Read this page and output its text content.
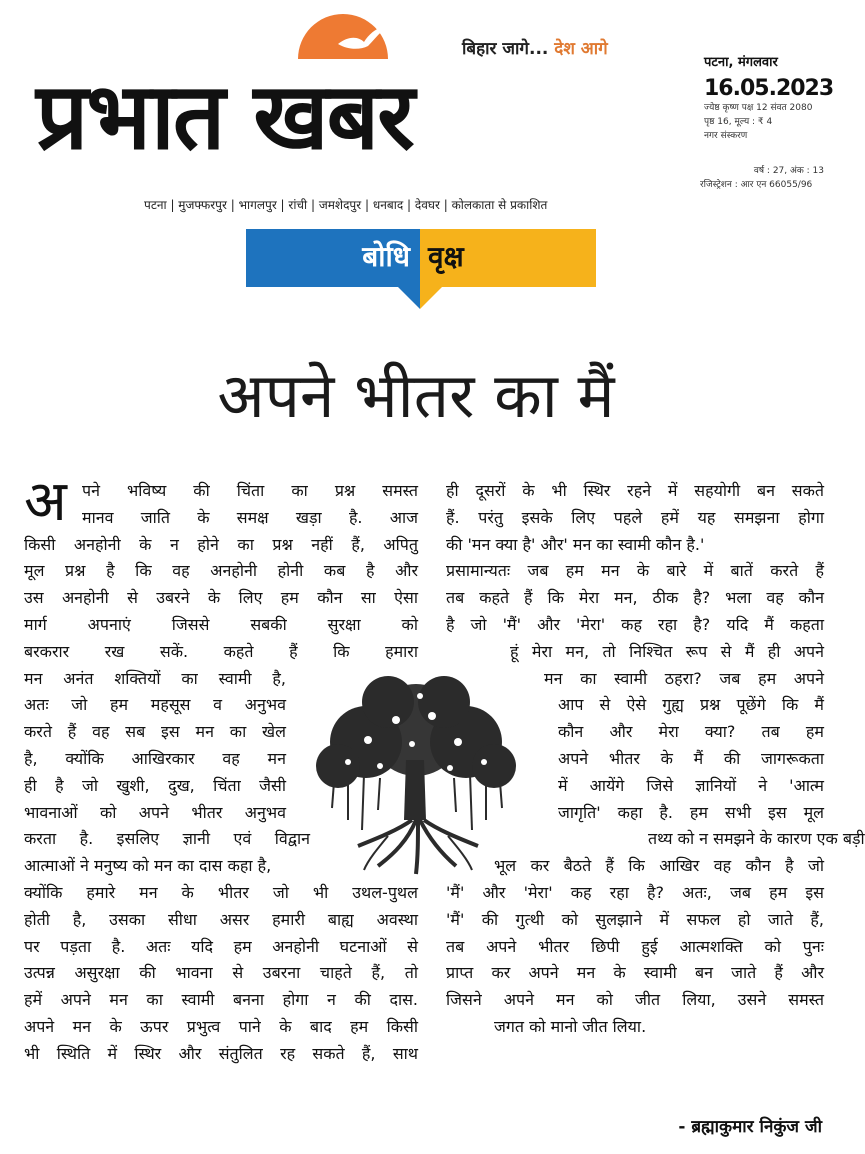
बिहार जागे... देश आगे
प्रभात खबर
पटना | मुजफ्फरपुर | भागलपुर | रांची | जमशेदपुर | धनबाद | देवघर | कोलकाता से प्रकाशित
पटना, मंगलवार
16.05.2023
ज्येष्ठ कृष्ण पक्ष 12 संवत 2080
पृष्ठ 16, मूल्य : ₹ 4
नगर संस्करण
वर्ष : 27, अंक : 13
रजिस्ट्रेशन : आर एन 66055/96
बोधि वृक्ष
अपने भीतर का मैं
अ पने भविष्य की चिंता का प्रश्न समस्त
मानव जाति के समक्ष खड़ा है. आज
किसी अनहोनी के न होने का प्रश्न नहीं हैं, अपितु
मूल प्रश्न है कि वह अनहोनी होनी कब है और
उस अनहोनी से उबरने के लिए हम कौन सा ऐसा
मार्ग अपनाएं जिससे सबकी सुरक्षा को
बरकरार रख सकें. कहते हैं कि हमारा
मन अनंत शक्तियों का स्वामी है,
अतः जो हम महसूस व अनुभव
करते हैं वह सब इस मन का खेल
है, क्योंकि आखिरकार वह मन
ही है जो खुशी, दुख, चिंता जैसी
भावनाओं को अपने भीतर अनुभव
करता है. इसलिए ज्ञानी एवं विद्वान
आत्माओं ने मनुष्य को मन का दास कहा है,
क्योंकि हमारे मन के भीतर जो भी उथल-पुथल
होती है, उसका सीधा असर हमारी बाह्य अवस्था
पर पड़ता है. अतः यदि हम अनहोनी घटनाओं से
उत्पन्न असुरक्षा की भावना से उबरना चाहते हैं, तो
हमें अपने मन का स्वामी बनना होगा न की दास.
अपने मन के ऊपर प्रभुत्व पाने के बाद हम किसी
भी स्थिति में स्थिर और संतुलित रह सकते हैं, साथ
ही दूसरों के भी स्थिर रहने में सहयोगी बन सकते
हैं. परंतु इसके लिए पहले हमें यह समझना होगा
की 'मन क्या है' और' मन का स्वामी कौन है.'
प्रसामान्यतः जब हम मन के बारे में बातें करते हैं
तब कहते हैं कि मेरा मन, ठीक है? भला वह कौन
है जो 'मैं' और 'मेरा' कह रहा है? यदि मैं कहता
हूं मेरा मन, तो निश्चित रूप से मैं ही अपने
मन का स्वामी ठहरा? जब हम अपने
आप से ऐसे गुह्य प्रश्न पूछेंगे कि मैं
कौन और मेरा क्या? तब हम
अपने भीतर के मैं की जागरूकता
में आयेंगे जिसे ज्ञानियों ने 'आत्म
जागृति' कहा है. हम सभी इस मूल
तथ्य को न समझने के कारण एक बड़ी
भूल कर बैठते हैं कि आखिर वह कौन है जो
'मैं' और 'मेरा' कह रहा है? अतः, जब हम इस
'मैं' की गुत्थी को सुलझाने में सफल हो जाते हैं,
तब अपने भीतर छिपी हुई आत्मशक्ति को पुनः
प्राप्त कर अपने मन के स्वामी बन जाते हैं और
जिसने अपने मन को जीत लिया, उसने समस्त
जगत को मानो जीत लिया.
- ब्रह्माकुमार निकुंज जी
